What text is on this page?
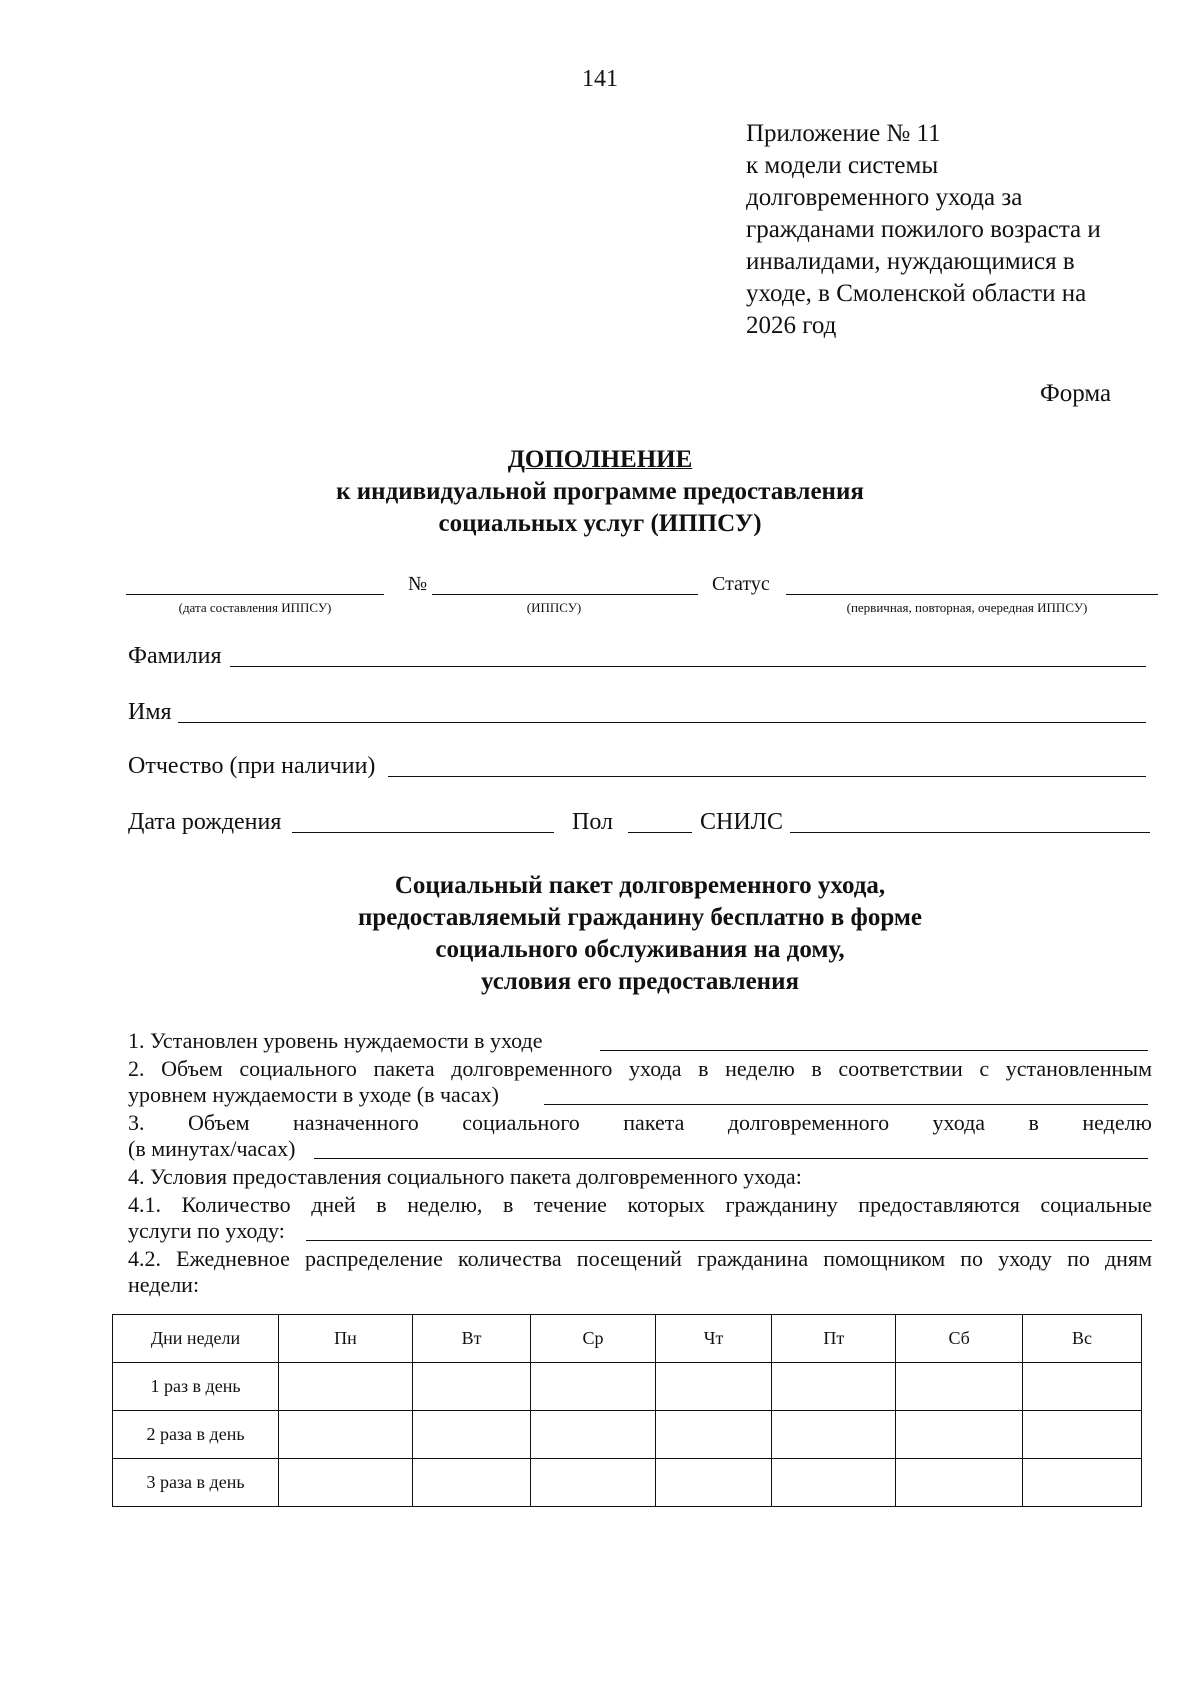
141
Приложение № 11
к модели системы
долговременного ухода за
гражданами пожилого возраста и
инвалидами, нуждающимися в
уходе, в Смоленской области на
2026 год
Форма
ДОПОЛНЕНИЕ
к индивидуальной программе предоставления
социальных услуг (ИППСУ)
№	Статус
(дата составления ИППСУ)	(ИППСУ)	(первичная, повторная, очередная ИППСУ)
Фамилия
Имя
Отчество (при наличии)
Дата рождения	Пол	СНИЛС
Социальный пакет долговременного ухода,
предоставляемый гражданину бесплатно в форме
социального обслуживания на дому,
условия его предоставления
1. Установлен уровень нуждаемости в уходе
2. Объем социального пакета долговременного ухода в неделю в соответствии с установленным
уровнем нуждаемости в уходе (в часах)
3. Объем назначенного социального пакета долговременного ухода в неделю
(в минутах/часах)
4. Условия предоставления социального пакета долговременного ухода:
4.1. Количество дней в неделю, в течение которых гражданину предоставляются социальные
услуги по уходу:
4.2. Ежедневное распределение количества посещений гражданина помощником по уходу по дням
недели:
Дни недели	Пн	Вт	Ср	Чт	Пт	Сб	Вс
1 раз в день							
2 раза в день							
3 раза в день							
